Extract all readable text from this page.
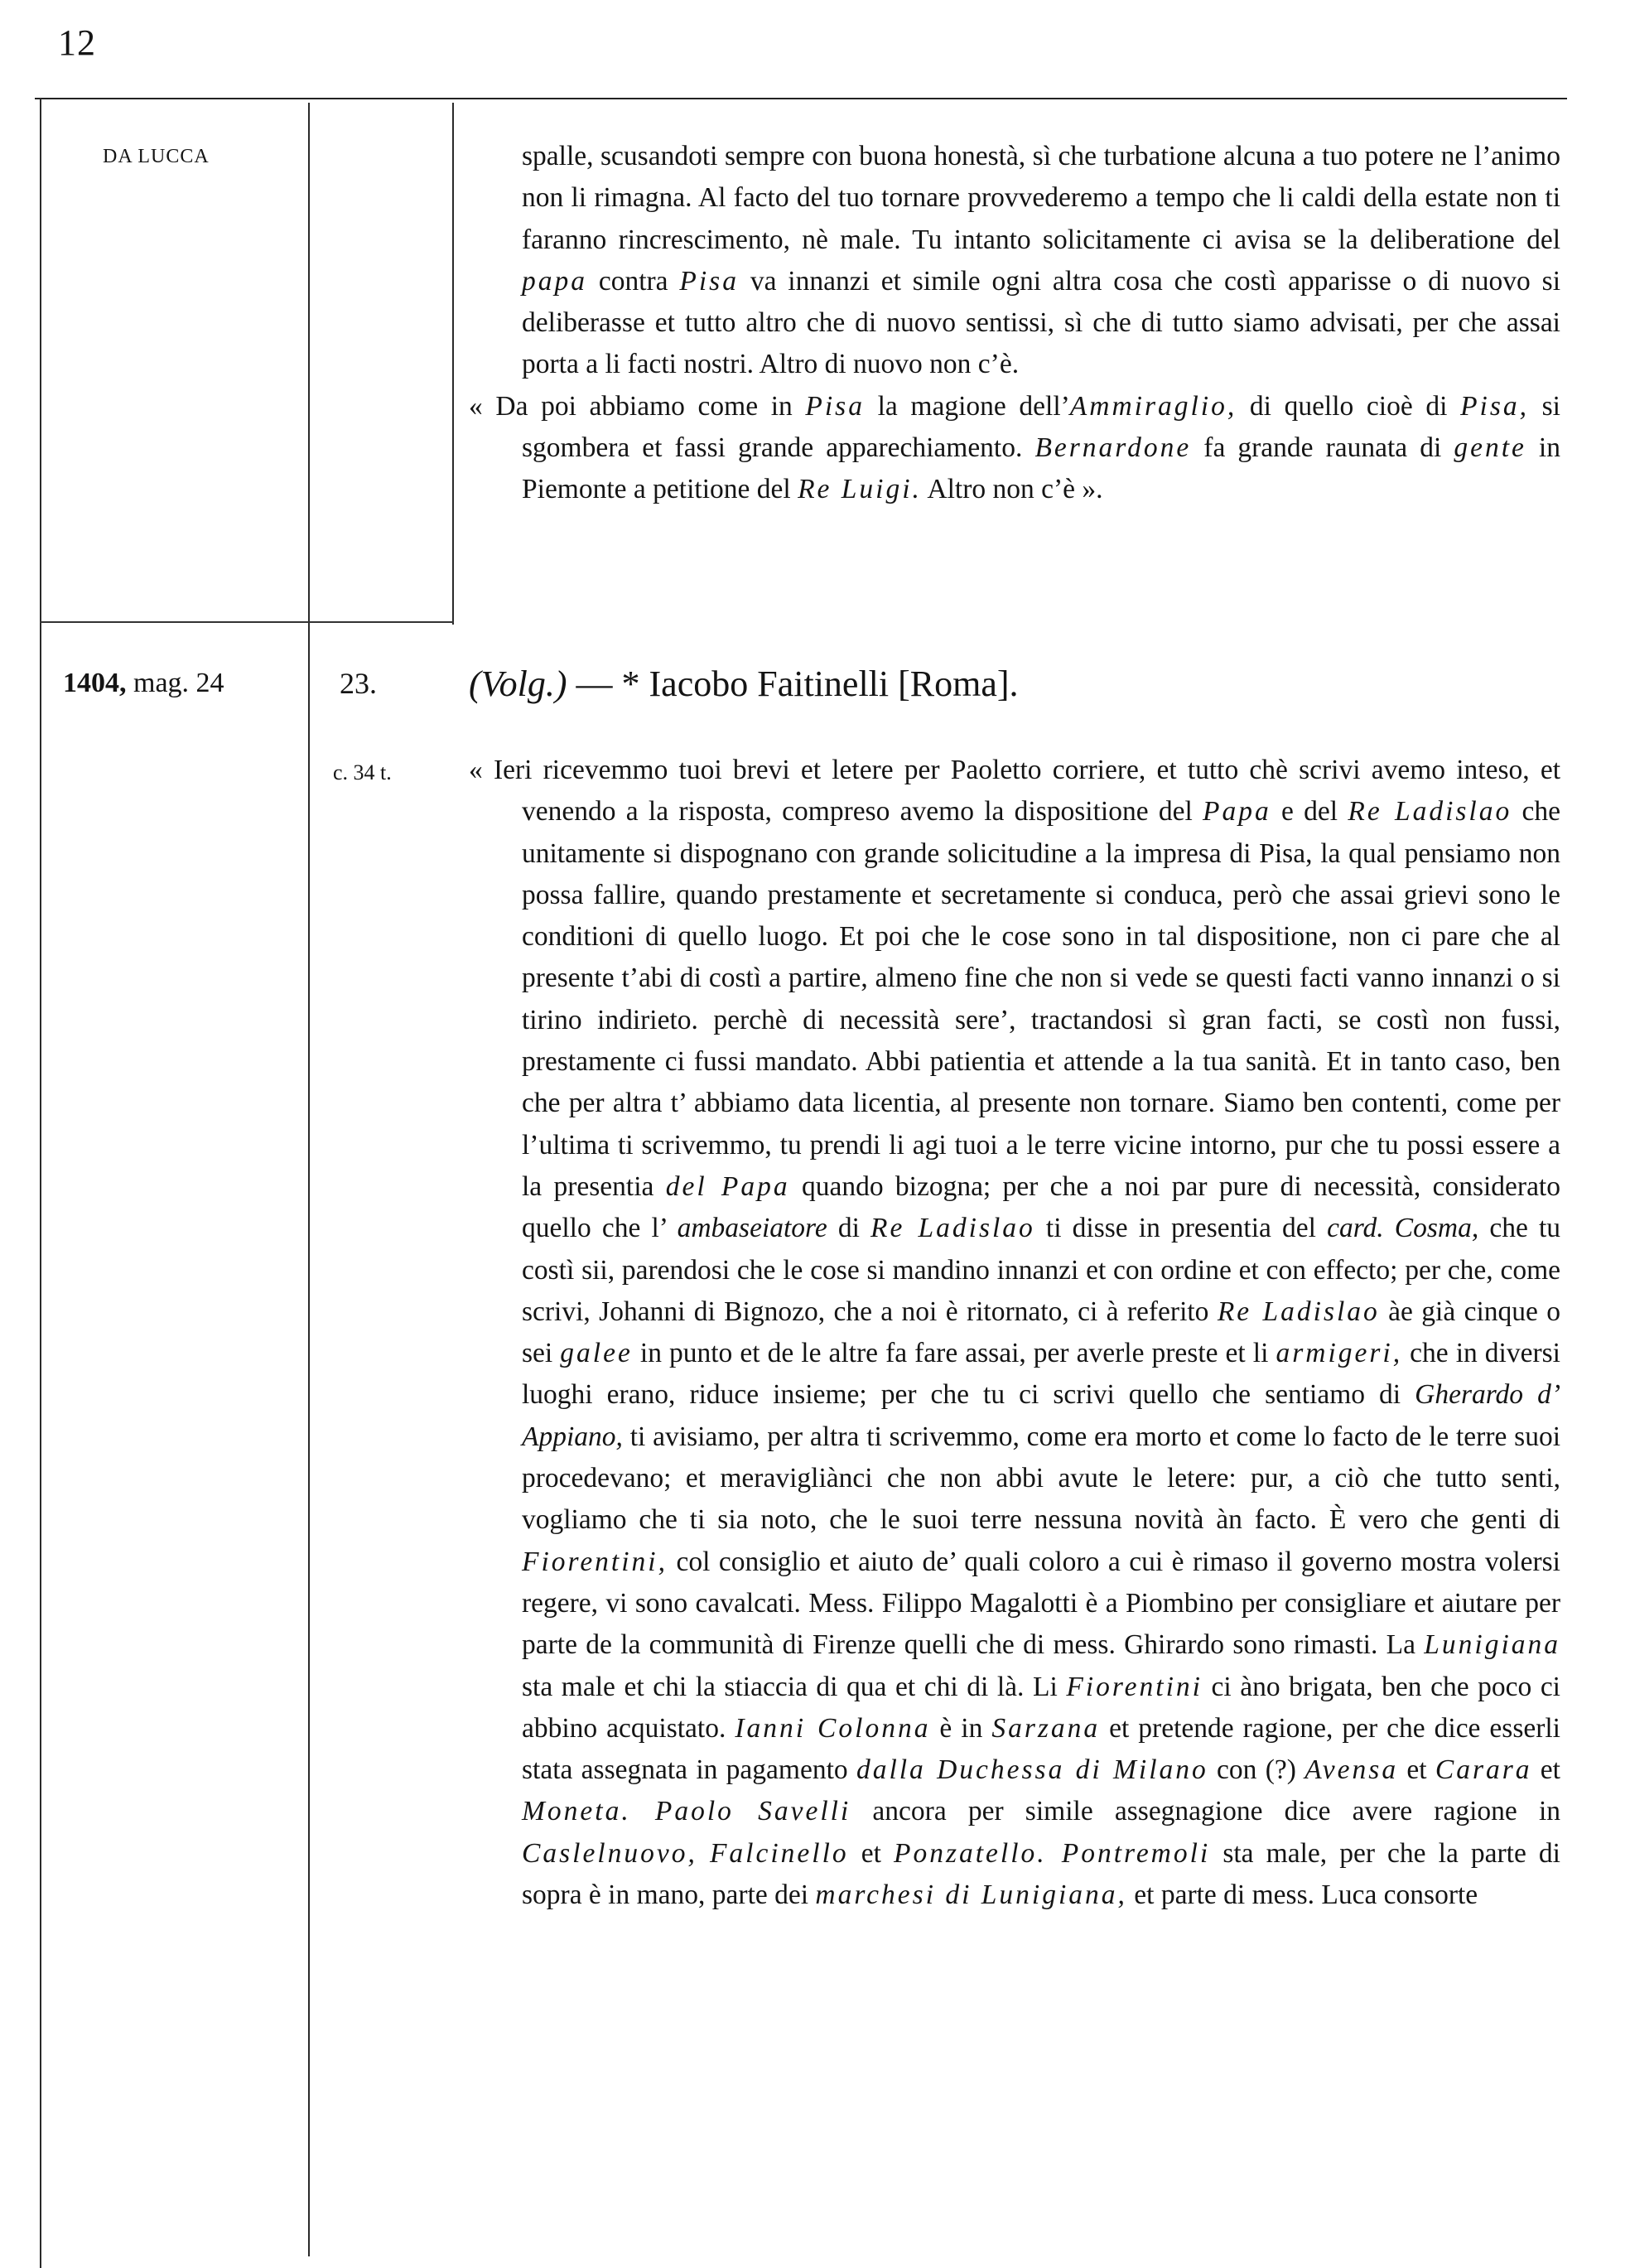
12
DA LUCCA	spalle, scusandoti sempre con buona honestà, sì che turbatione alcuna a tuo potere ne l’animo non li rimagna. Al facto del tuo tornare provvederemo a tempo che li caldi della estate non ti faranno rincrescimento, nè male. Tu intanto solicitamente ci avisa se la deliberatione del papa contra Pisa va innanzi et simile ogni altra cosa che costì apparisse o di nuovo si deliberasse et tutto altro che di nuovo sentissi, sì che di tutto siamo advisati, per che assai porta a li facti nostri. Altro di nuovo non c’è.

« Da poi abbiamo come in Pisa la magione dell’Ammiraglio, di quello cioè di Pisa, si sgombera et fassi grande apparechiamento. Bernardone fa grande raunata di gente in Piemonte a petitione del Re Luigi. Altro non c’è ».

1404, mag. 24	23.
c. 34 t.
(Volg.) — * Iacobo Faitinelli [Roma].

« Ieri ricevemmo tuoi brevi et letere per Paoletto corriere, et tutto chè scrivi avemo inteso, et venendo a la risposta, compreso avemo la dispositione del Papa e del Re Ladislao che unitamente si dispognano con grande solicitudine a la impresa di Pisa, la qual pensiamo non possa fallire, quando prestamente et secretamente si conduca, però che assai grievi sono le conditioni di quello luogo. Et poi che le cose sono in tal dispositione, non ci pare che al presente t’abi di costì a partire, almeno fine che non si vede se questi facti vanno innanzi o si tirino indirieto. perchè di necessità sere’, tractandosi sì gran facti, se costì non fussi, prestamente ci fussi mandato. Abbi patientia et attende a la tua sanità. Et in tanto caso, ben che per altra t’ abbiamo data licentia, al presente non tornare. Siamo ben contenti, come per l’ultima ti scrivemmo, tu prendi li agi tuoi a le terre vicine intorno, pur che tu possi essere a la presentia del Papa quando bizogna; per che a noi par pure di necessità, considerato quello che l’ ambaseiatore di Re Ladislao ti disse in presentia del card. Cosma, che tu costì sii, parendosi che le cose si mandino innanzi et con ordine et con effecto; per che, come scrivi, Johanni di Bignozo, che a noi è ritornato, ci à referito Re Ladislao àe già cinque o sei galee in punto et de le altre fa fare assai, per averle preste et li armigeri, che in diversi luoghi erano, riduce insieme; per che tu ci scrivi quello che sentiamo di Gherardo d’ Appiano, ti avisiamo, per altra ti scrivemmo, come era morto et come lo facto de le terre suoi procedevano; et meravigliànci che non abbi avute le letere: pur, a ciò che tutto senti, vogliamo che ti sia noto, che le suoi terre nessuna novità àn facto. È vero che genti di Fiorentini, col consiglio et aiuto de’ quali coloro a cui è rimaso il governo mostra volersi regere, vi sono cavalcati. Mess. Filippo Magalotti è a Piombino per consigliare et aiutare per parte de la communità di Firenze quelli che di mess. Ghirardo sono rimasti. La Lunigiana sta male et chi la stiaccia di qua et chi di là. Li Fiorentini ci àno brigata, ben che poco ci abbino acquistato. Ianni Colonna è in Sarzana et pretende ragione, per che dice esserli stata assegnata in pagamento dalla Duchessa di Milano con (?) Avensa et Carara et Moneta. Paolo Savelli ancora per simile assegnagione dice avere ragione in Caslelnuovo, Falcinello et Ponzatello. Pontremoli sta male, per che la parte di sopra è in mano, parte dei marchesi di Lunigiana, et parte di mess. Luca consorte
